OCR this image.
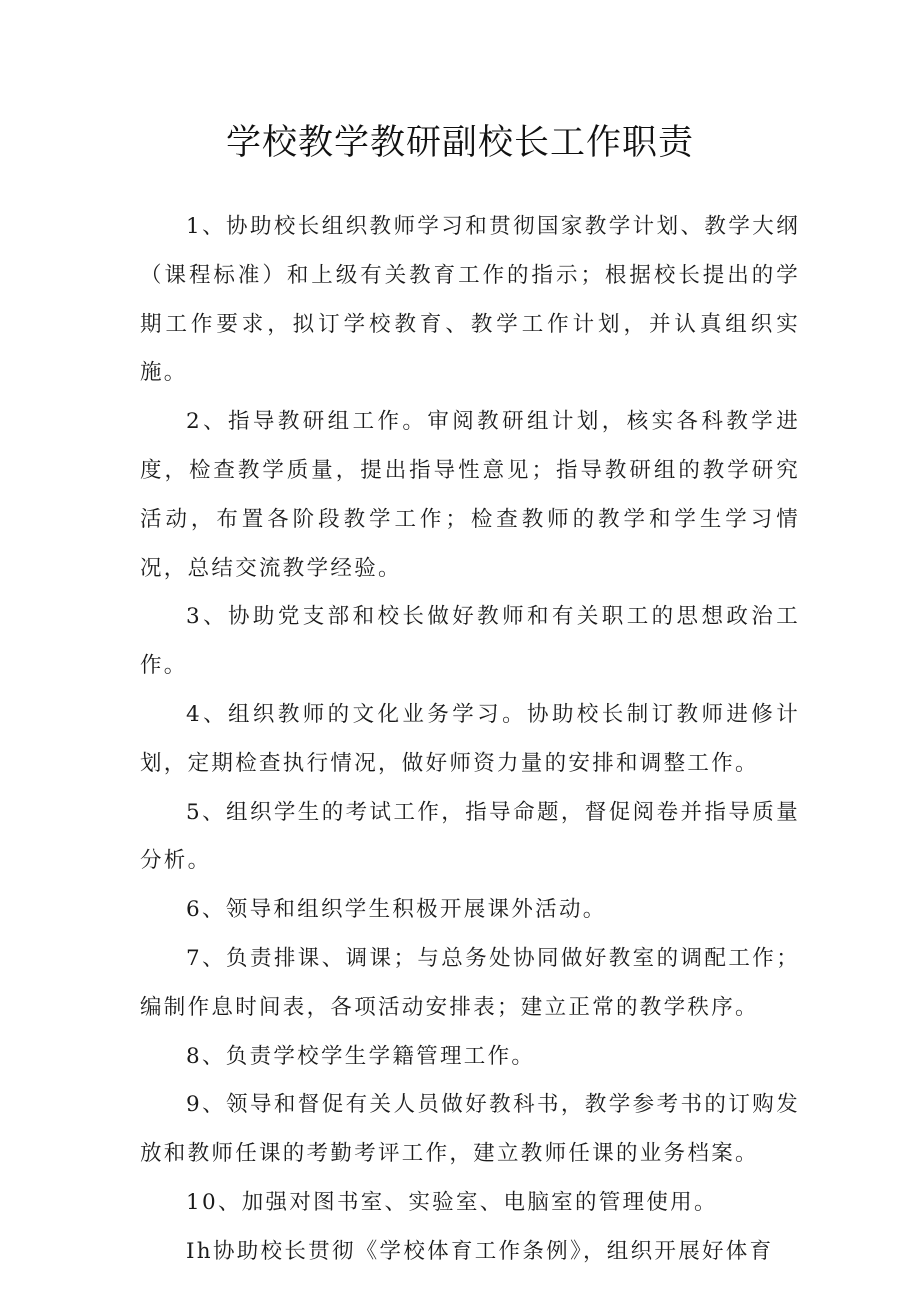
学校教学教研副校长工作职责

1、协助校长组织教师学习和贯彻国家教学计划、教学大纲（课程标准）和上级有关教育工作的指示；根据校长提出的学期工作要求，拟订学校教育、教学工作计划，并认真组织实施。

2、指导教研组工作。审阅教研组计划，核实各科教学进度，检查教学质量，提出指导性意见；指导教研组的教学研究活动，布置各阶段教学工作；检查教师的教学和学生学习情况，总结交流教学经验。

3、协助党支部和校长做好教师和有关职工的思想政治工作。

4、组织教师的文化业务学习。协助校长制订教师进修计划，定期检查执行情况，做好师资力量的安排和调整工作。

5、组织学生的考试工作，指导命题，督促阅卷并指导质量分析。

6、领导和组织学生积极开展课外活动。

7、负责排课、调课；与总务处协同做好教室的调配工作；编制作息时间表，各项活动安排表；建立正常的教学秩序。

8、负责学校学生学籍管理工作。

9、领导和督促有关人员做好教科书，教学参考书的订购发放和教师任课的考勤考评工作，建立教师任课的业务档案。

10、加强对图书室、实验室、电脑室的管理使用。

Ih协助校长贯彻《学校体育工作条例》，组织开展好体育
